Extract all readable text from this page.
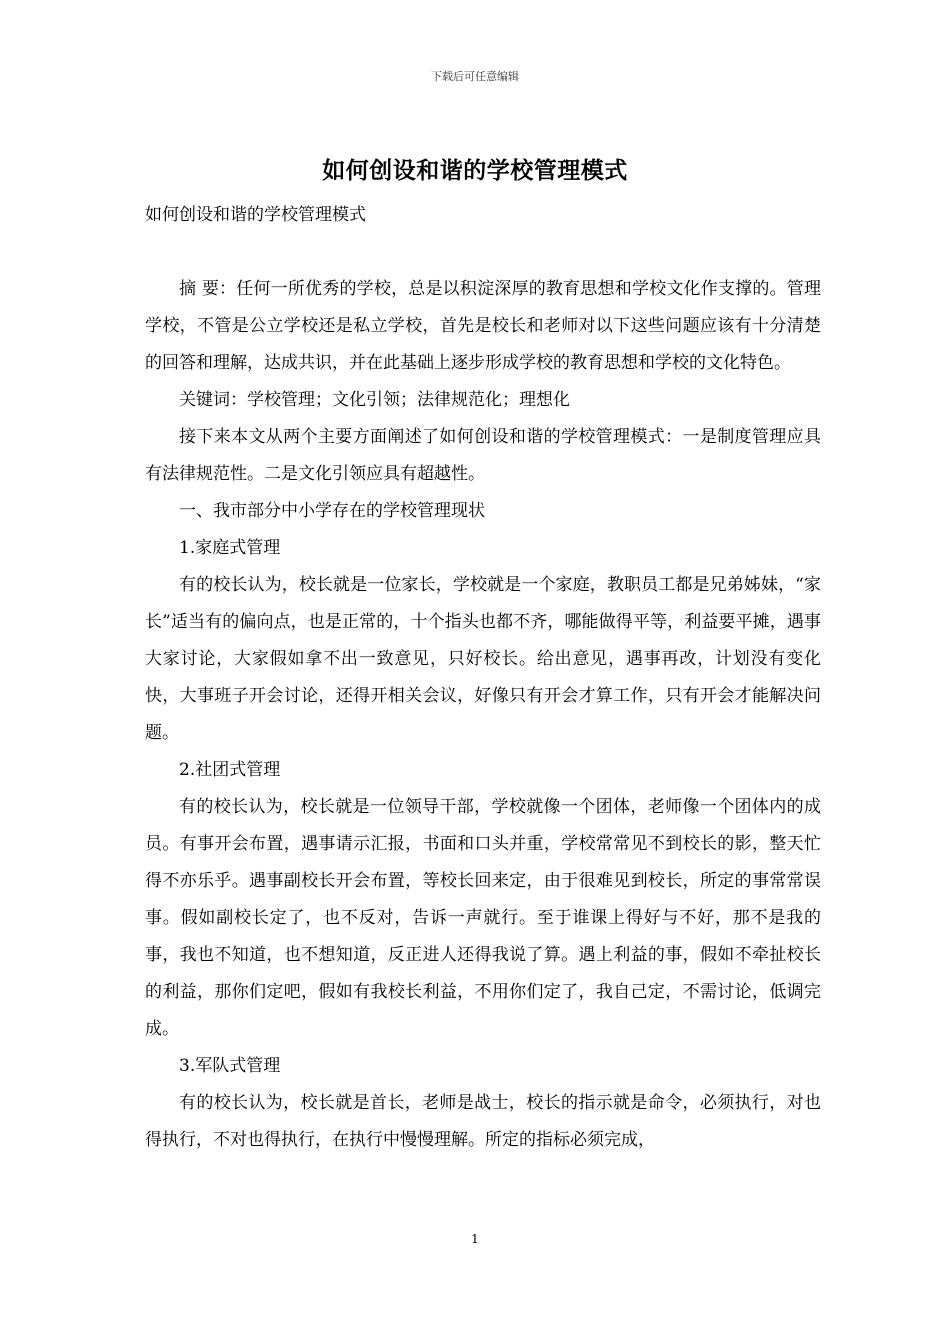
下载后可任意编辑
如何创设和谐的学校管理模式
如何创设和谐的学校管理模式

摘 要：任何一所优秀的学校，总是以积淀深厚的教育思想和学校文化作支撑的。管理学校，不管是公立学校还是私立学校，首先是校长和老师对以下这些问题应该有十分清楚的回答和理解，达成共识，并在此基础上逐步形成学校的教育思想和学校的文化特色。

关键词：学校管理；文化引领；法律规范化；理想化

接下来本文从两个主要方面阐述了如何创设和谐的学校管理模式：一是制度管理应具有法律规范性。二是文化引领应具有超越性。

一、我市部分中小学存在的学校管理现状

1.家庭式管理

有的校长认为，校长就是一位家长，学校就是一个家庭，教职员工都是兄弟姊妹，“家长”适当有的偏向点，也是正常的，十个指头也都不齐，哪能做得平等，利益要平摊，遇事大家讨论，大家假如拿不出一致意见，只好校长。给出意见，遇事再改，计划没有变化快，大事班子开会讨论，还得开相关会议，好像只有开会才算工作，只有开会才能解决问题。

2.社团式管理

有的校长认为，校长就是一位领导干部，学校就像一个团体，老师像一个团体内的成员。有事开会布置，遇事请示汇报，书面和口头并重，学校常常见不到校长的影，整天忙得不亦乐乎。遇事副校长开会布置，等校长回来定，由于很难见到校长，所定的事常常误事。假如副校长定了，也不反对，告诉一声就行。至于谁课上得好与不好，那不是我的事，我也不知道，也不想知道，反正进人还得我说了算。遇上利益的事，假如不牵扯校长的利益，那你们定吧，假如有我校长利益，不用你们定了，我自己定，不需讨论，低调完成。

3.军队式管理

有的校长认为，校长就是首长，老师是战士，校长的指示就是命令，必须执行，对也得执行，不对也得执行，在执行中慢慢理解。所定的指标必须完成，

1
